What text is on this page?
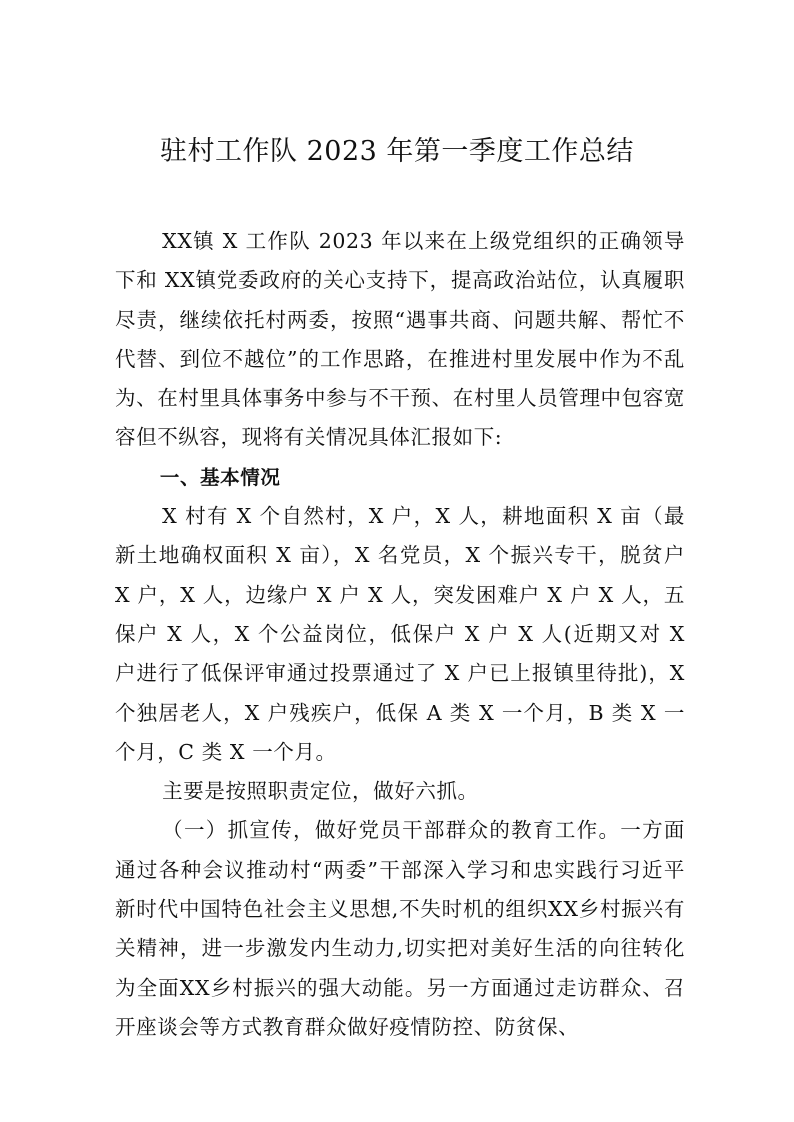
驻村工作队 2023 年第一季度工作总结

XX镇 X 工作队 2023 年以来在上级党组织的正确领导下和 XX镇党委政府的关心支持下，提高政治站位，认真履职尽责，继续依托村两委，按照“遇事共商、问题共解、帮忙不代替、到位不越位”的工作思路，在推进村里发展中作为不乱为、在村里具体事务中参与不干预、在村里人员管理中包容宽容但不纵容，现将有关情况具体汇报如下:

一、基本情况

X 村有 X 个自然村，X 户，X 人，耕地面积 X 亩（最新土地确权面积 X 亩），X 名党员，X 个振兴专干，脱贫户 X 户，X 人，边缘户 X 户 X 人，突发困难户 X 户 X 人，五保户 X 人，X 个公益岗位，低保户 X 户 X 人(近期又对 X 户进行了低保评审通过投票通过了 X 户已上报镇里待批)，X 个独居老人，X 户残疾户，低保 A 类 X 一个月，B 类 X 一个月，C 类 X 一个月。

主要是按照职责定位，做好六抓。

（一）抓宣传，做好党员干部群众的教育工作。一方面通过各种会议推动村“两委”干部深入学习和忠实践行习近平新时代中国特色社会主义思想,不失时机的组织XX乡村振兴有关精神，进一步激发内生动力,切实把对美好生活的向往转化为全面XX乡村振兴的强大动能。另一方面通过走访群众、召开座谈会等方式教育群众做好疫情防控、防贫保、
